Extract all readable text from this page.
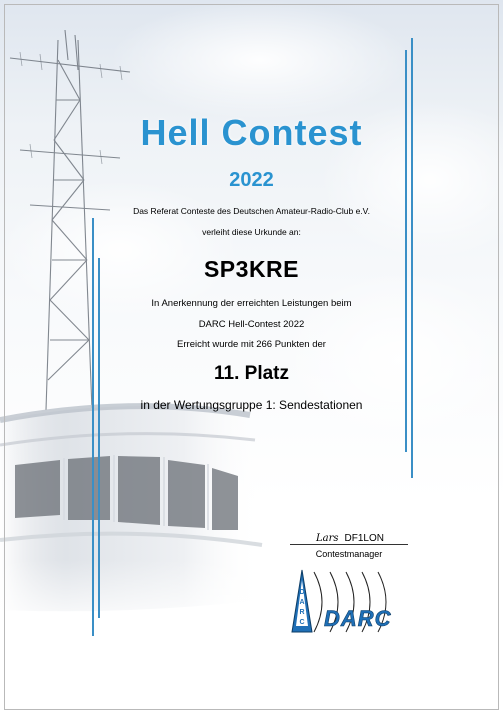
Hell Contest
2022
Das Referat Conteste des Deutschen Amateur-Radio-Club e.V.
verleiht diese Urkunde an:
SP3KRE
In Anerkennung der erreichten Leistungen beim
DARC Hell-Contest 2022
Erreicht wurde mit 266 Punkten der
11. Platz
in der Wertungsgruppe 1: Sendestationen
Lars DF1LON
Contestmanager
D
A
R
C DARC
